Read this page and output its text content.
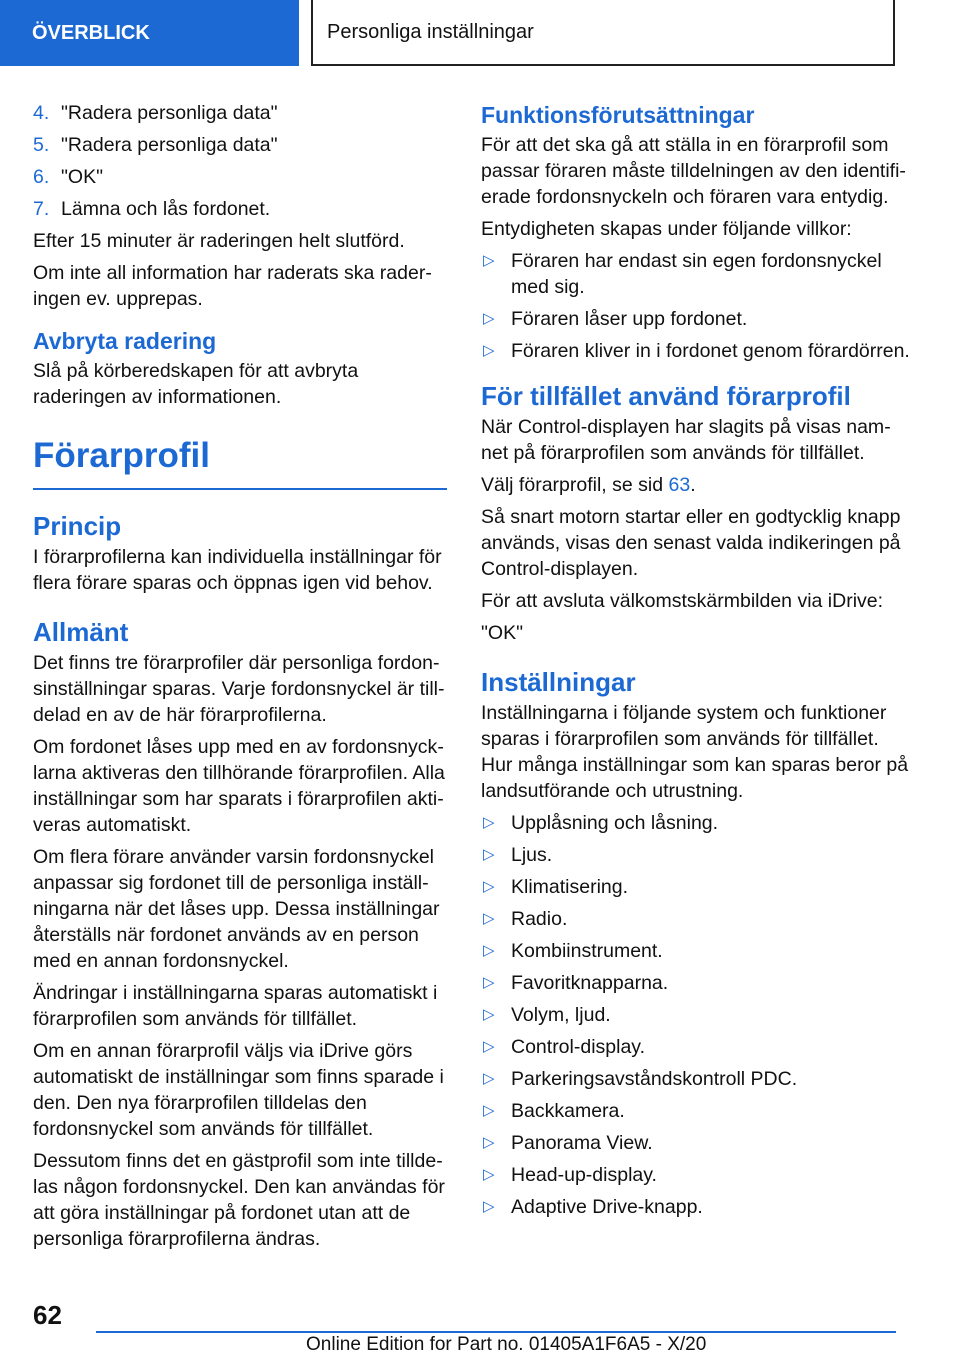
ÖVERBLICK	Personliga inställningar
4. "Radera personliga data"
5. "Radera personliga data"
6. "OK"
7. Lämna och lås fordonet.

Efter 15 minuter är raderingen helt slutförd.

Om inte all information har raderats ska raderingen ev. upprepas.

Avbryta radering

Slå på körberedskapen för att avbryta raderingen av informationen.

Förarprofil
Princip

I förarprofilerna kan individuella inställningar för flera förare sparas och öppnas igen vid behov.

Allmänt

Det finns tre förarprofiler där personliga fordonsinställningar sparas. Varje fordonsnyckel är tilldelad en av de här förarprofilerna.

Om fordonet låses upp med en av fordonsnycklarna aktiveras den tillhörande förarprofilen. Alla inställningar som har sparats i förarprofilen aktiveras automatiskt.

Om flera förare använder varsin fordonsnyckel anpassar sig fordonet till de personliga inställningarna när det låses upp. Dessa inställningar återställs när fordonet används av en person med en annan fordonsnyckel.

Ändringar i inställningarna sparas automatiskt i förarprofilen som används för tillfället.

Om en annan förarprofil väljs via iDrive görs automatiskt de inställningar som finns sparade i den. Den nya förarprofilen tilldelas den fordonsnyckel som används för tillfället.

Dessutom finns det en gästprofil som inte tilldelas någon fordonsnyckel. Den kan användas för att göra inställningar på fordonet utan att de personliga förarprofilerna ändras.

Funktionsförutsättningar

För att det ska gå att ställa in en förarprofil som passar föraren måste tilldelningen av den identifierade fordonsnyckeln och föraren vara entydig.

Entydigheten skapas under följande villkor:

▷ Föraren har endast sin egen fordonsnyckel med sig.
▷ Föraren låser upp fordonet.
▷ Föraren kliver in i fordonet genom förardörren.
För tillfället använd förarprofil

När Control-displayen har slagits på visas namnet på förarprofilen som används för tillfället.

Välj förarprofil, se sid 63.

Så snart motorn startar eller en godtycklig knapp används, visas den senast valda indikeringen på Control-displayen.

För att avsluta välkomstskärmbilden via iDrive:

"OK"

Inställningar

Inställningarna i följande system och funktioner sparas i förarprofilen som används för tillfället. Hur många inställningar som kan sparas beror på landsutförande och utrustning.

▷ Upplåsning och låsning.
▷ Ljus.
▷ Klimatisering.
▷ Radio.
▷ Kombiinstrument.
▷ Favoritknapparna.
▷ Volym, ljud.
▷ Control-display.
▷ Parkeringsavståndskontroll PDC.
▷ Backkamera.
▷ Panorama View.
▷ Head-up-display.
▷ Adaptive Drive-knapp.
62
Online Edition for Part no. 01405A1F6A5 - X/20
